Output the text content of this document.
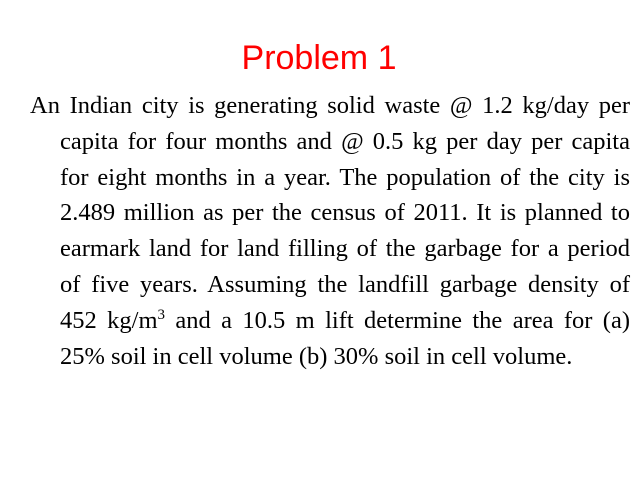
Problem 1

An Indian city is generating solid waste @ 1.2 kg/day per capita for four months and @ 0.5 kg per day per capita for eight months in a year. The population of the city is 2.489 million as per the census of 2011. It is planned to earmark land for land filling of the garbage for a period of five years. Assuming the landfill garbage density of 452 $kg/m^3$ and a 10.5 m lift determine the area for (a) 25% soil in cell volume (b) 30% soil in cell volume.
